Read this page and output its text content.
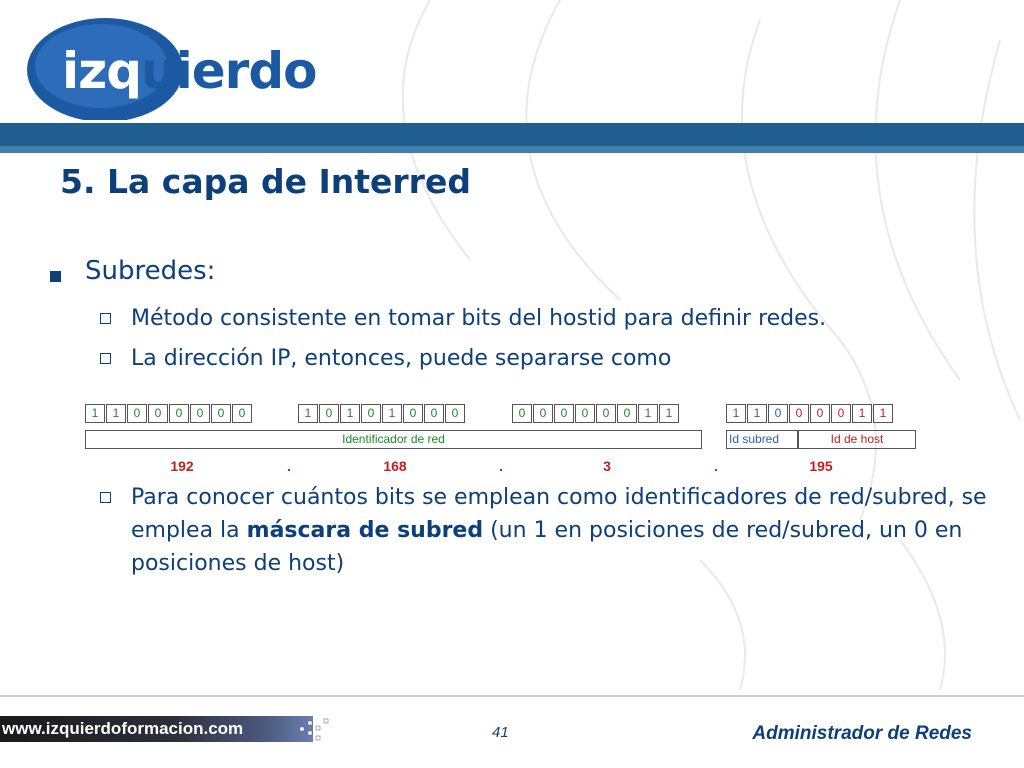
izquierdo
5. La capa de Interred
Subredes:
Método consistente en tomar bits del hostid para definir redes.
La dirección IP, entonces, puede separarse como
Identificador de red	Id subred	Id de host
192	.	168	.	3	.	195
1	1	0	0	0	0	0	0	1	0	1	0	1	0	0	0	0	0	0	0	0	0	1	1	1	1	0	0	0	0	1	1
Para conocer cuántos bits se emplean como identificadores de red/subred, se emplea la máscara de subred (un 1 en posiciones de red/subred, un 0 en posiciones de host)
www.izquierdoformacion.com	41	Administrador de Redes
